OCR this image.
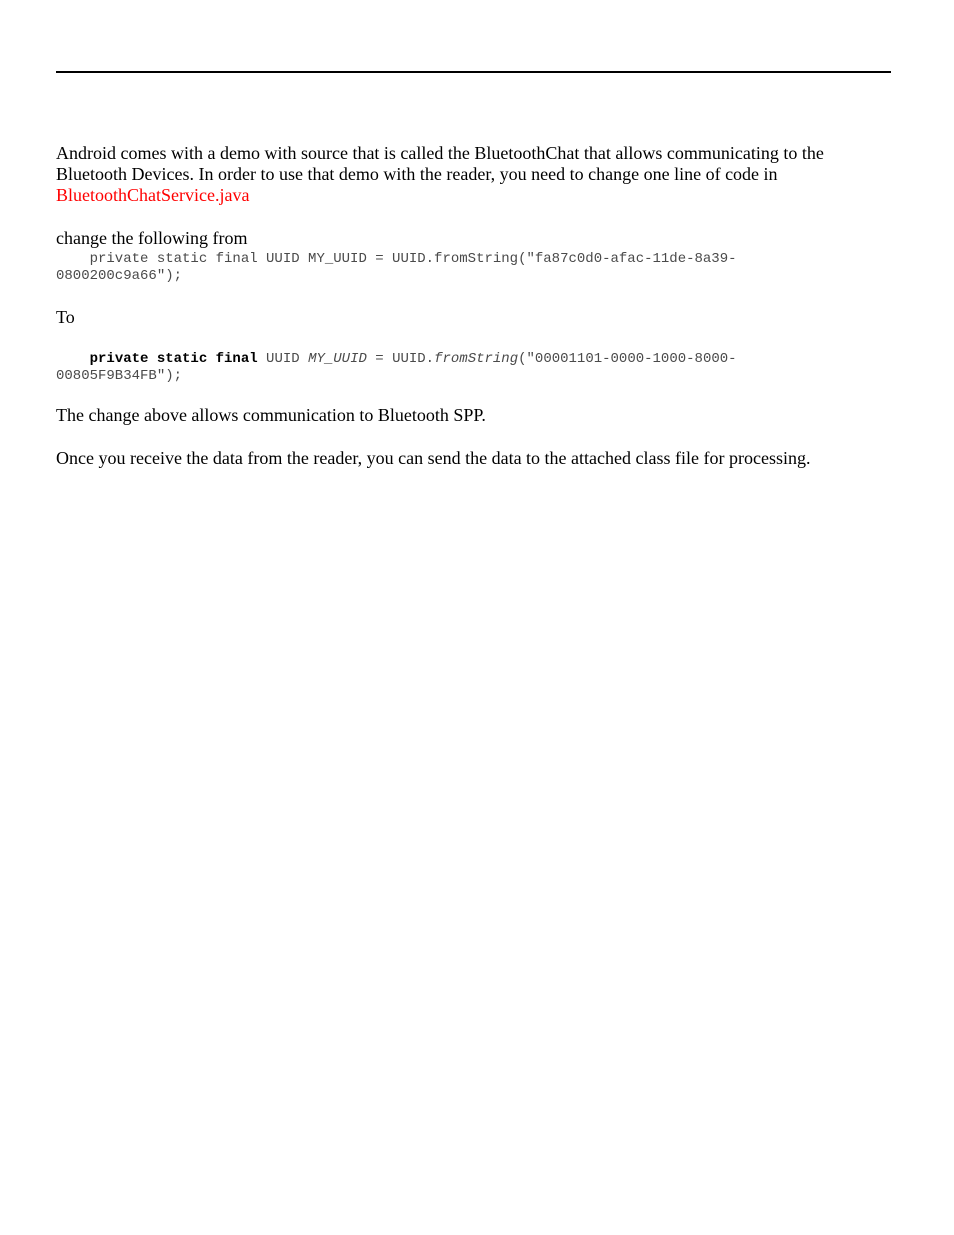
Android comes with a demo with source that is called the BluetoothChat that allows communicating to the
Bluetooth Devices. In order to use that demo with the reader, you need to change one line of code in
BluetoothChatService.java

change the following from

private static final UUID MY_UUID = UUID.fromString("fa87c0d0-afac-11de-8a39-
0800200c9a66");

To

private static final UUID MY_UUID = UUID.fromString("00001101-0000-1000-8000-
00805F9B34FB");

The change above allows communication to Bluetooth SPP.

Once you receive the data from the reader, you can send the data to the attached class file for processing.
